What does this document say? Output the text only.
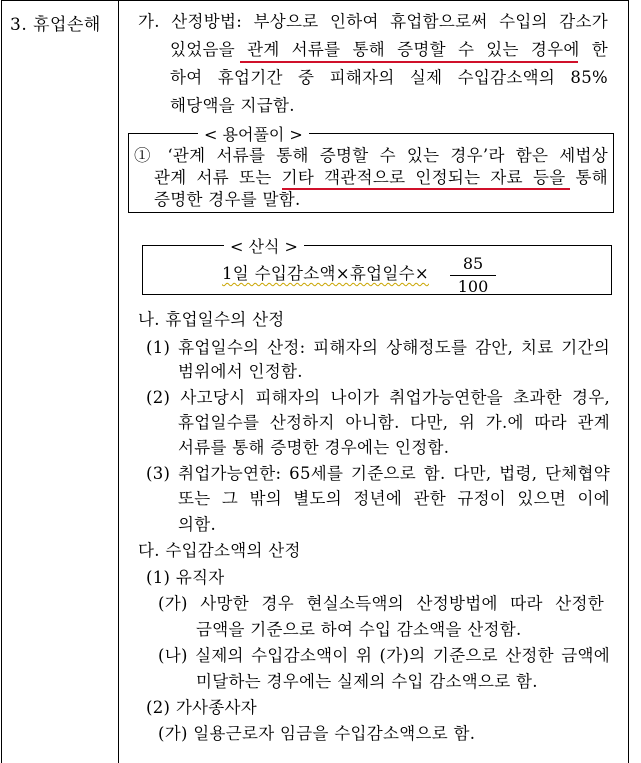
3. 휴업손해 가. 산정방법: 부상으로 인하여 휴업함으로써 수입의 감소가
있었음을 관계 서류를 통해 증명할 수 있는 경우에 한
하여 휴업기간 중 피해자의 실제 수입감소액의 85%
해당액을 지급함.
< 용어풀이 >
① ‘관계 서류를 통해 증명할 수 있는 경우’라 함은 세법상
관계 서류 또는 기타 객관적으로 인정되는 자료 등을 통해
증명한 경우를 말함.
< 산식 >
1일 수입감소액×휴업일수×
85
100
나. 휴업일수의 산정
(1) 휴업일수의 산정: 피해자의 상해정도를 감안, 치료 기간의
범위에서 인정함.
(2) 사고당시 피해자의 나이가 취업가능연한을 초과한 경우,
휴업일수를 산정하지 아니함. 다만, 위 가.에 따라 관계
서류를 통해 증명한 경우에는 인정함.
(3) 취업가능연한: 65세를 기준으로 함. 다만, 법령, 단체협약
또는 그 밖의 별도의 정년에 관한 규정이 있으면 이에
의함.
다. 수입감소액의 산정
(1) 유직자
(가) 사망한 경우 현실소득액의 산정방법에 따라 산정한
금액을 기준으로 하여 수입 감소액을 산정함.
(나) 실제의 수입감소액이 위 (가)의 기준으로 산정한 금액에
미달하는 경우에는 실제의 수입 감소액으로 함.
(2) 가사종사자
(가) 일용근로자 임금을 수입감소액으로 함.
